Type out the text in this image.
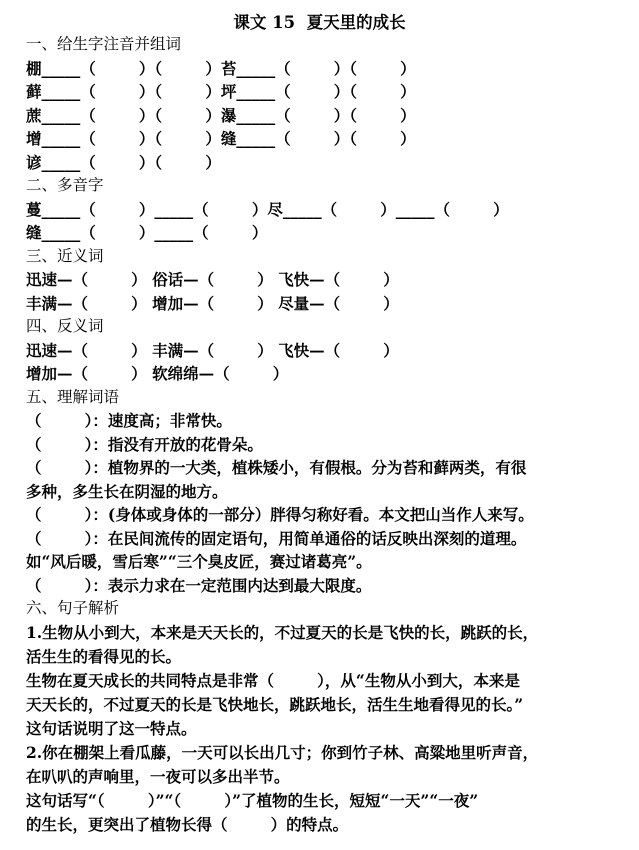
课文 15  夏天里的成长
一、给生字注音并组词
棚_____（        ）（        ）苔_____（        ）（        ）
藓_____（        ）（        ）坪_____（        ）（        ）
蔗_____（        ）（        ）瀑_____（        ）（        ）
增_____（        ）（        ）缝_____（        ）（        ）
谚_____（        ）（        ）
二、多音字
蔓_____（        ）_____（        ）尽_____（        ）_____（        ）
缝_____（        ）_____（        ）
三、近义词
迅速—（        ） 俗话—（        ） 飞快—（        ）
丰满—（        ） 增加—（        ） 尽量—（        ）
四、反义词
迅速—（        ） 丰满—（        ） 飞快—（        ）
增加—（        ） 软绵绵—（        ）
五、理解词语
（        ）：速度高；非常快。
（        ）：指没有开放的花骨朵。
（        ）：植物界的一大类，植株矮小，有假根。分为苔和藓两类，有很
多种，多生长在阴湿的地方。
（        ）：(身体或身体的一部分）胖得匀称好看。本文把山当作人来写。
（        ）：在民间流传的固定语句，用简单通俗的话反映出深刻的道理。
如“风后暖，雪后寒”“三个臭皮匠，赛过诸葛亮”。
（        ）：表示力求在一定范围内达到最大限度。
六、句子解析
1.生物从小到大，本来是天天长的，不过夏天的长是飞快的长，跳跃的长，
活生生的看得见的长。
生物在夏天成长的共同特点是非常（        ），从“生物从小到大，本来是
天天长的，不过夏天的长是飞快地长，跳跃地长，活生生地看得见的长。”
这句话说明了这一特点。
2.你在棚架上看瓜藤，一天可以长出几寸；你到竹子林、高粱地里听声音，
在叭叭的声响里，一夜可以多出半节。
这句话写“（        ）”“（        ）”了植物的生长，短短“一天”“一夜”
的生长，更突出了植物长得（        ）的特点。
